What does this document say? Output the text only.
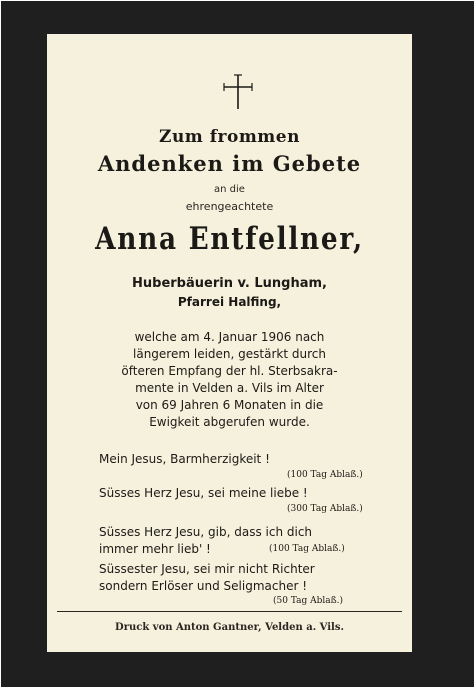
Zum frommen
Andenken im Gebete
an die
ehrengeachtete
Anna Entfellner,
Huberbäuerin v. Lungham,
Pfarrei Halfing,
welche am 4. Januar 1906 nach
längerem leiden, gestärkt durch
öfteren Empfang der hl. Sterbsakra-
mente in Velden a. Vils im Alter
von 69 Jahren 6 Monaten in die
Ewigkeit abgerufen wurde.
Mein Jesus, Barmherzigkeit !
(100 Tag Ablaß.)
Süsses Herz Jesu, sei meine liebe !
(300 Tag Ablaß.)
Süsses Herz Jesu, gib, dass ich dich
immer mehr lieb' !	(100 Tag Ablaß.)
Süssester Jesu, sei mir nicht Richter
sondern Erlöser und Seligmacher !
(50 Tag Ablaß.)
Druck von Anton Gantner, Velden a. Vils.
